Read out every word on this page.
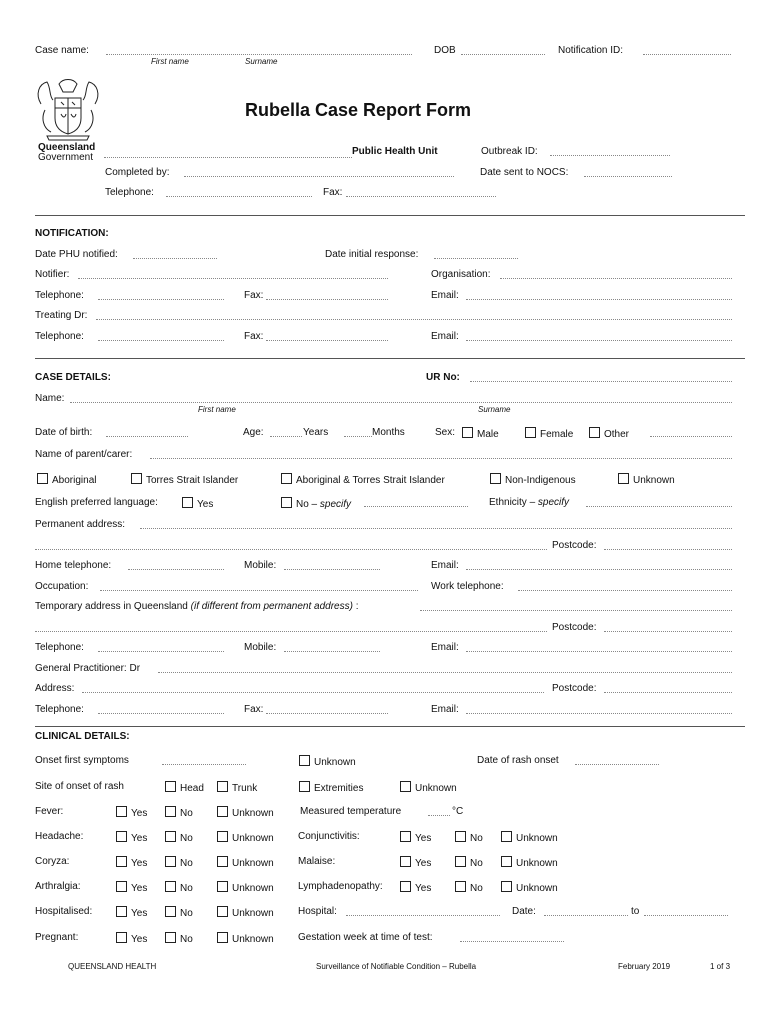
Case name:
First name	Surname
DOB	Notification ID:
Queensland
Government
Rubella Case Report Form
Public Health Unit	Outbreak ID:
Completed by:	Date sent to NOCS:
Telephone:	Fax:
NOTIFICATION:
Date PHU notified:	Date initial response:
Notifier:	Organisation:
Telephone:	Fax:	Email:
Treating Dr:
Telephone:	Fax:	Email:
CASE DETAILS:	UR No:
Name:
First name	Surname
Date of birth:	Age:	Years	Months	Sex:	Male	Female	Other
Name of parent/carer:
Aboriginal	Torres Strait Islander	Aboriginal & Torres Strait Islander	Non-Indigenous	Unknown
English preferred language:	Yes	No – specify	Ethnicity – specify
Permanent address:
Postcode:
Home telephone:	Mobile:	Email:
Occupation:	Work telephone:
Temporary address in Queensland (if different from permanent address) :
Postcode:
Telephone:	Mobile:	Email:
General Practitioner: Dr
Address:	Postcode:
Telephone:	Fax:	Email:
CLINICAL DETAILS:
Onset first symptoms	Unknown	Date of rash onset
Site of onset of rash	Head	Trunk	Extremities	Unknown
Fever:	Yes	No	Unknown	Measured temperature	°C
Headache:	Yes	No	Unknown Conjunctivitis:	Yes	No	Unknown
Coryza:	Yes	No	Unknown Malaise:	Yes	No	Unknown
Arthralgia:	Yes	No	Unknown Lymphadenopathy:	Yes	No	Unknown
Hospitalised:	Yes	No	Unknown Hospital:	Date:	to
Pregnant:	Yes	No	Unknown Gestation week at time of test:
QUEENSLAND HEALTH	Surveillance of Notifiable Condition – Rubella	February 2019	1 of 3
